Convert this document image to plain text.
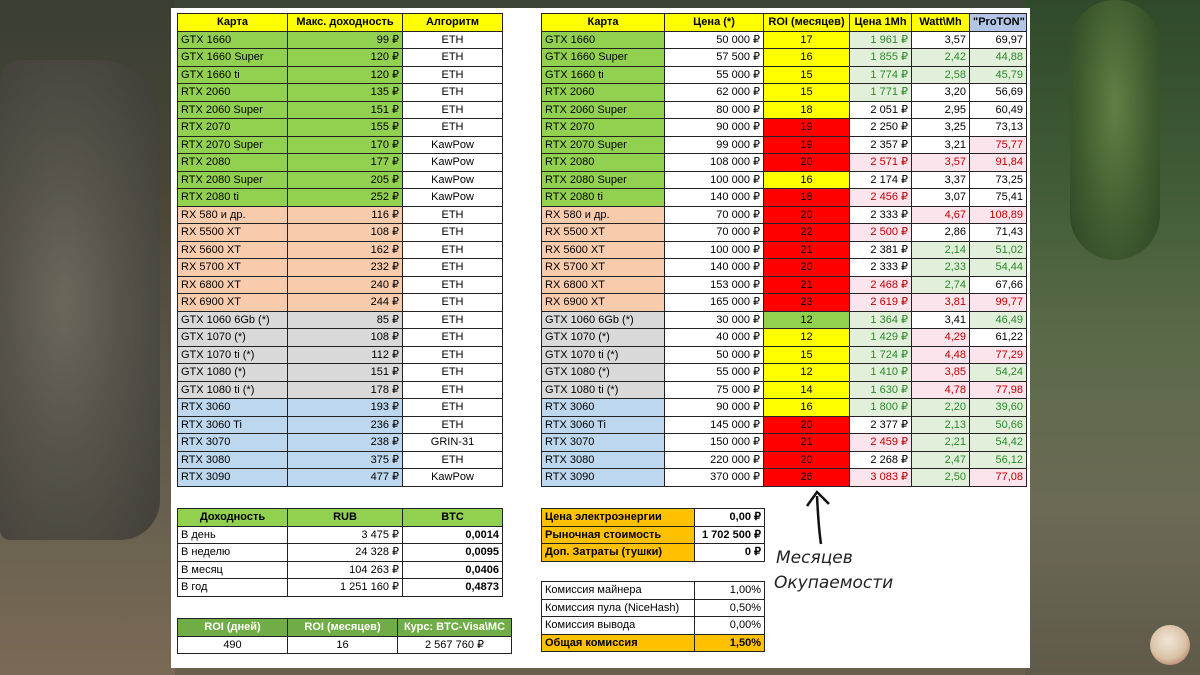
Карта	Макс. доходность	Алгоритм
GTX 1660	99 ₽	ETH
GTX 1660 Super	120 ₽	ETH
GTX 1660 ti	120 ₽	ETH
RTX 2060	135 ₽	ETH
RTX 2060 Super	151 ₽	ETH
RTX 2070	155 ₽	ETH
RTX 2070 Super	170 ₽	KawPow
RTX 2080	177 ₽	KawPow
RTX 2080 Super	205 ₽	KawPow
RTX 2080 ti	252 ₽	KawPow
RX 580 и др.	116 ₽	ETH
RX 5500 XT	108 ₽	ETH
RX 5600 XT	162 ₽	ETH
RX 5700 XT	232 ₽	ETH
RX 6800 XT	240 ₽	ETH
RX 6900 XT	244 ₽	ETH
GTX 1060 6Gb (*)	85 ₽	ETH
GTX 1070 (*)	108 ₽	ETH
GTX 1070 ti (*)	112 ₽	ETH
GTX 1080 (*)	151 ₽	ETH
GTX 1080 ti (*)	178 ₽	ETH
RTX 3060	193 ₽	ETH
RTX 3060 Ti	236 ₽	ETH
RTX 3070	238 ₽	GRIN-31
RTX 3080	375 ₽	ETH
RTX 3090	477 ₽	KawPow
Карта	Цена (*)	ROI (месяцев)	Цена 1Mh	Watt\Mh	"ProTON"
GTX 1660	50 000 ₽	17	1 961 ₽	3,57	69,97
GTX 1660 Super	57 500 ₽	16	1 855 ₽	2,42	44,88
GTX 1660 ti	55 000 ₽	15	1 774 ₽	2,58	45,79
RTX 2060	62 000 ₽	15	1 771 ₽	3,20	56,69
RTX 2060 Super	80 000 ₽	18	2 051 ₽	2,95	60,49
RTX 2070	90 000 ₽	19	2 250 ₽	3,25	73,13
RTX 2070 Super	99 000 ₽	19	2 357 ₽	3,21	75,77
RTX 2080	108 000 ₽	20	2 571 ₽	3,57	91,84
RTX 2080 Super	100 000 ₽	16	2 174 ₽	3,37	73,25
RTX 2080 ti	140 000 ₽	18	2 456 ₽	3,07	75,41
RX 580 и др.	70 000 ₽	20	2 333 ₽	4,67	108,89
RX 5500 XT	70 000 ₽	22	2 500 ₽	2,86	71,43
RX 5600 XT	100 000 ₽	21	2 381 ₽	2,14	51,02
RX 5700 XT	140 000 ₽	20	2 333 ₽	2,33	54,44
RX 6800 XT	153 000 ₽	21	2 468 ₽	2,74	67,66
RX 6900 XT	165 000 ₽	23	2 619 ₽	3,81	99,77
GTX 1060 6Gb (*)	30 000 ₽	12	1 364 ₽	3,41	46,49
GTX 1070 (*)	40 000 ₽	12	1 429 ₽	4,29	61,22
GTX 1070 ti (*)	50 000 ₽	15	1 724 ₽	4,48	77,29
GTX 1080 (*)	55 000 ₽	12	1 410 ₽	3,85	54,24
GTX 1080 ti (*)	75 000 ₽	14	1 630 ₽	4,78	77,98
RTX 3060	90 000 ₽	16	1 800 ₽	2,20	39,60
RTX 3060 Ti	145 000 ₽	20	2 377 ₽	2,13	50,66
RTX 3070	150 000 ₽	21	2 459 ₽	2,21	54,42
RTX 3080	220 000 ₽	20	2 268 ₽	2,47	56,12
RTX 3090	370 000 ₽	26	3 083 ₽	2,50	77,08
Доходность	RUB	BTC
В день	3 475 ₽	0,0014
В неделю	24 328 ₽	0,0095
В месяц	104 263 ₽	0,0406
В год	1 251 160 ₽	0,4873
ROI (дней)	ROI (месяцев)	Курс: BTC-Visa\MC
490	16	2 567 760 ₽
Цена электроэнергии	0,00 ₽
Рыночная стоимость	1 702 500 ₽
Доп. Затраты (тушки)	0 ₽
Комиссия майнера	1,00%
Комиссия пула (NiceHash)	0,50%
Комиссия вывода	0,00%
Общая комиссия	1,50%
Месяцев
Окупаемости
